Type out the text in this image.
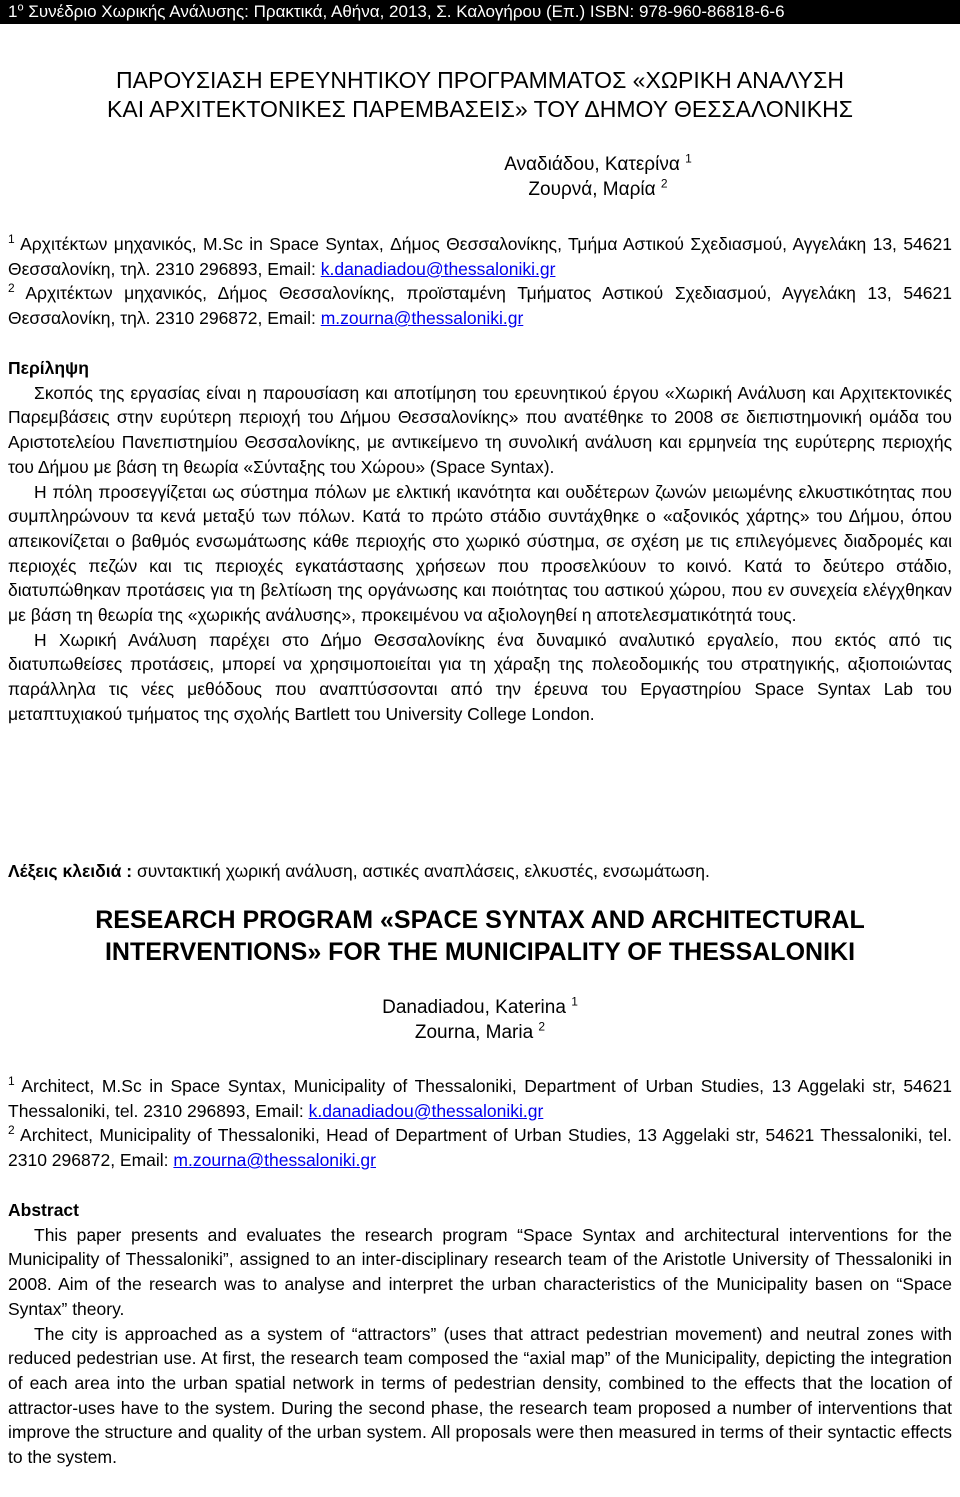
$1^o$ Συνέδριο Χωρικής Ανάλυσης: Πρακτικά, Αθήνα, 2013, Σ. Καλογήρου (Επ.) ISBN: 978-960-86818-6-6
ΠΑΡΟΥΣΙΑΣΗ ΕΡΕΥΝΗΤΙΚΟΥ ΠΡΟΓΡΑΜΜΑΤΟΣ «ΧΩΡΙΚΗ ΑΝΑΛΥΣΗ
ΚΑΙ ΑΡΧΙΤΕΚΤΟΝΙΚΕΣ ΠΑΡΕΜΒΑΣΕΙΣ» ΤΟΥ ΔΗΜΟΥ ΘΕΣΣΑΛΟΝΙΚΗΣ
Αναδιάδου, Κατερίνα $^1$
Ζουρνά, Μαρία $^2$

$^1$ Αρχιτέκτων μηχανικός, M.Sc in Space Syntax, Δήμος Θεσσαλονίκης, Τμήμα Αστικού Σχεδιασμού, Αγγελάκη 13, 54621 Θεσσαλονίκη, τηλ. 2310 296893, Email: k.danadiadou@thessaloniki.gr

$^2$ Αρχιτέκτων μηχανικός, Δήμος Θεσσαλονίκης, προϊσταμένη Τμήματος Αστικού Σχεδιασμού, Αγγελάκη 13, 54621 Θεσσαλονίκη, τηλ. 2310 296872, Email: m.zourna@thessaloniki.gr

Περίληψη

Σκοπός της εργασίας είναι η παρουσίαση και αποτίμηση του ερευνητικού έργου «Χωρική Ανάλυση και Αρχιτεκτονικές Παρεμβάσεις στην ευρύτερη περιοχή του Δήμου Θεσσαλονίκης» που ανατέθηκε το 2008 σε διεπιστημονική ομάδα του Αριστοτελείου Πανεπιστημίου Θεσσαλονίκης, με αντικείμενο τη συνολική ανάλυση και ερμηνεία της ευρύτερης περιοχής του Δήμου με βάση τη θεωρία «Σύνταξης του Χώρου» (Space Syntax).

Η πόλη προσεγγίζεται ως σύστημα πόλων με ελκτική ικανότητα και ουδέτερων ζωνών μειωμένης ελκυστικότητας που συμπληρώνουν τα κενά μεταξύ των πόλων. Κατά το πρώτο στάδιο συντάχθηκε ο «αξονικός χάρτης» του Δήμου, όπου απεικονίζεται ο βαθμός ενσωμάτωσης κάθε περιοχής στο χωρικό σύστημα, σε σχέση με τις επιλεγόμενες διαδρομές και περιοχές πεζών και τις περιοχές εγκατάστασης χρήσεων που προσελκύουν το κοινό. Κατά το δεύτερο στάδιο, διατυπώθηκαν προτάσεις για τη βελτίωση της οργάνωσης και ποιότητας του αστικού χώρου, που εν συνεχεία ελέγχθηκαν με βάση τη θεωρία της «χωρικής ανάλυσης», προκειμένου να αξιολογηθεί η αποτελεσματικότητά τους.

Η Χωρική Ανάλυση παρέχει στο Δήμο Θεσσαλονίκης ένα δυναμικό αναλυτικό εργαλείο, που εκτός από τις διατυπωθείσες προτάσεις, μπορεί να χρησιμοποιείται για τη χάραξη της πολεοδομικής του στρατηγικής, αξιοποιώντας παράλληλα τις νέες μεθόδους που αναπτύσσονται από την έρευνα του Εργαστηρίου Space Syntax Lab του μεταπτυχιακού τμήματος της σχολής Bartlett του University College London.

Λέξεις κλειδιά : συντακτική χωρική ανάλυση, αστικές αναπλάσεις, ελκυστές, ενσωμάτωση.
RESEARCH PROGRAM «SPACE SYNTAX AND ARCHITECTURAL
INTERVENTIONS» FOR THE MUNICIPALITY OF THESSALONIKI
Danadiadou, Katerina $^1$
Zourna, Maria $^2$

$^1$ Architect, M.Sc in Space Syntax, Municipality of Thessaloniki, Department of Urban Studies, 13 Aggelaki str, 54621 Thessaloniki, tel. 2310 296893, Email: k.danadiadou@thessaloniki.gr

$^2$ Architect, Municipality of Thessaloniki, Head of Department of Urban Studies, 13 Aggelaki str, 54621 Thessaloniki, tel. 2310 296872, Email: m.zourna@thessaloniki.gr

Abstract

This paper presents and evaluates the research program “Space Syntax and architectural interventions for the Municipality of Thessaloniki”, assigned to an inter-disciplinary research team of the Aristotle University of Thessaloniki in 2008. Aim of the research was to analyse and interpret the urban characteristics of the Municipality basen on “Space Syntax” theory.

The city is approached as a system of “attractors” (uses that attract pedestrian movement) and neutral zones with reduced pedestrian use. At first, the research team composed the “axial map” of the Municipality, depicting the integration of each area into the urban spatial network in terms of pedestrian density, combined to the effects that the location of attractor-uses have to the system. During the second phase, the research team proposed a number of interventions that improve the structure and quality of the urban system. All proposals were then measured in terms of their syntactic effects to the system.
